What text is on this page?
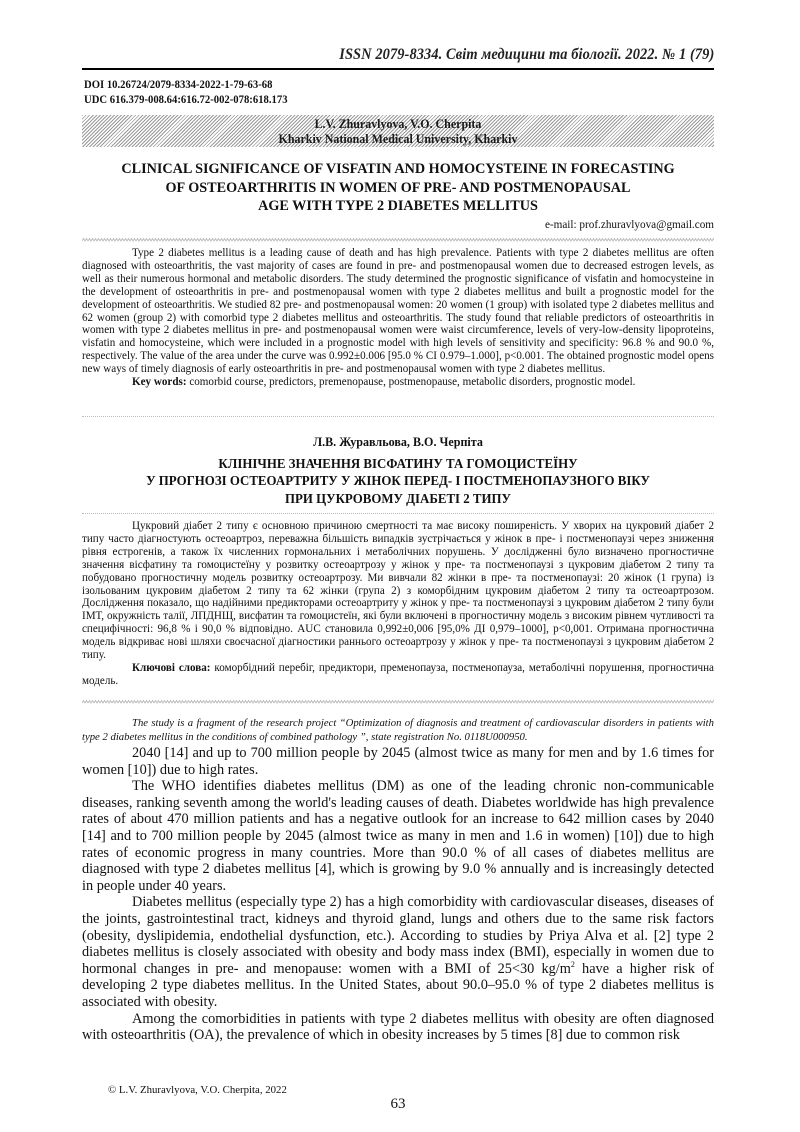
ISSN 2079-8334. Світ медицини та біології. 2022. № 1 (79)
DOI 10.26724/2079-8334-2022-1-79-63-68
UDC 616.379-008.64:616.72-002-078:618.173
L.V. Zhuravlyova, V.O. Cherpita
Kharkiv National Medical University, Kharkiv
CLINICAL SIGNIFICANCE OF VISFATIN AND HOMOCYSTEINE IN FORECASTING
OF OSTEOARTHRITIS IN WOMEN OF PRE- AND POSTMENOPAUSAL
AGE WITH TYPE 2 DIABETES MELLITUS
e-mail: prof.zhuravlyova@gmail.com

Type 2 diabetes mellitus is a leading cause of death and has high prevalence. Patients with type 2 diabetes mellitus are often diagnosed with osteoarthritis, the vast majority of cases are found in pre- and postmenopausal women due to decreased estrogen levels, as well as their numerous hormonal and metabolic disorders. The study determined the prognostic significance of visfatin and homocysteine in the development of osteoarthritis in pre- and postmenopausal women with type 2 diabetes mellitus and built a prognostic model for the development of osteoarthritis. We studied 82 pre- and postmenopausal women: 20 women (1 group) with isolated type 2 diabetes mellitus and 62 women (group 2) with comorbid type 2 diabetes mellitus and osteoarthritis. The study found that reliable predictors of osteoarthritis in women with type 2 diabetes mellitus in pre- and postmenopausal women were waist circumference, levels of very-low-density lipoproteins, visfatin and homocysteine, which were included in a prognostic model with high levels of sensitivity and specificity: 96.8 % and 90.0 %, respectively. The value of the area under the curve was 0.992±0.006 [95.0 % CI 0.979–1.000], p<0.001. The obtained prognostic model opens new ways of timely diagnosis of early osteoarthritis in pre- and postmenopausal women with type 2 diabetes mellitus.

Key words: comorbid course, predictors, premenopause, postmenopause, metabolic disorders, prognostic model.

Л.В. Журавльова, В.О. Черпіта
КЛІНІЧНЕ ЗНАЧЕННЯ ВІСФАТИНУ ТА ГОМОЦИСТЕЇНУ
У ПРОГНОЗІ ОСТЕОАРТРИТУ У ЖІНОК ПЕРЕД- І ПОСТМЕНОПАУЗНОГО ВІКУ
ПРИ ЦУКРОВОМУ ДІАБЕТІ 2 ТИПУ

Цукровий діабет 2 типу є основною причиною смертності та має високу поширеність. У хворих на цукровий діабет 2 типу часто діагностують остеоартроз, переважна більшість випадків зустрічається у жінок в пре- і постменопаузі через зниження рівня естрогенів, а також їх численних гормональних і метаболічних порушень. У дослідженні було визначено прогностичне значення вісфатину та гомоцистеїну у розвитку остеоартрозу у жінок у пре- та постменопаузі з цукровим діабетом 2 типу та побудовано прогностичну модель розвитку остеоартрозу. Ми вивчали 82 жінки в пре- та постменопаузі: 20 жінок (1 група) із ізольованим цукровим діабетом 2 типу та 62 жінки (група 2) з коморбідним цукровим діабетом 2 типу та остеоартрозом. Дослідження показало, що надійними предикторами остеоартриту у жінок у пре- та постменопаузі з цукровим діабетом 2 типу були ІМТ, окружність талії, ЛПДНЩ, висфатин та гомоцистеїн, які були включені в прогностичну модель з високим рівнем чутливості та специфічності: 96,8 % і 90,0 % відповідно. AUC становила 0,992±0,006 [95,0% ДІ 0,979–1000], p<0,001. Отримана прогностична модель відкриває нові шляхи своєчасної діагностики раннього остеоартрозу у жінок у пре- та постменопаузі з цукровим діабетом 2 типу.

Ключові слова: коморбідний перебіг, предиктори, пременопауза, постменопауза, метаболічні порушення, прогностична модель.

The study is a fragment of the research project “Optimization of diagnosis and treatment of cardiovascular disorders in patients with type 2 diabetes mellitus in the conditions of combined pathology ”, state registration No. 0118U000950.

2040 [14] and up to 700 million people by 2045 (almost twice as many for men and by 1.6 times for women [10]) due to high rates.

The WHO identifies diabetes mellitus (DM) as one of the leading chronic non-communicable diseases, ranking seventh among the world's leading causes of death. Diabetes worldwide has high prevalence rates of about 470 million patients and has a negative outlook for an increase to 642 million cases by 2040 [14] and to 700 million people by 2045 (almost twice as many in men and 1.6 in women) [10]) due to high rates of economic progress in many countries. More than 90.0 % of all cases of diabetes mellitus are diagnosed with type 2 diabetes mellitus [4], which is growing by 9.0 % annually and is increasingly detected in people under 40 years.

Diabetes mellitus (especially type 2) has a high comorbidity with cardiovascular diseases, diseases of the joints, gastrointestinal tract, kidneys and thyroid gland, lungs and others due to the same risk factors (obesity, dyslipidemia, endothelial dysfunction, etc.). According to studies by Priya Alva et al. [2] type 2 diabetes mellitus is closely associated with obesity and body mass index (BMI), especially in women due to hormonal changes in pre- and menopause: women with a BMI of 25<30 $kg/m^2$ have a higher risk of developing 2 type diabetes mellitus. In the United States, about 90.0–95.0 % of type 2 diabetes mellitus is associated with obesity.

Among the comorbidities in patients with type 2 diabetes mellitus with obesity are often diagnosed with osteoarthritis (OA), the prevalence of which in obesity increases by 5 times [8] due to common risk

© L.V. Zhuravlyova, V.O. Cherpita, 2022
63
